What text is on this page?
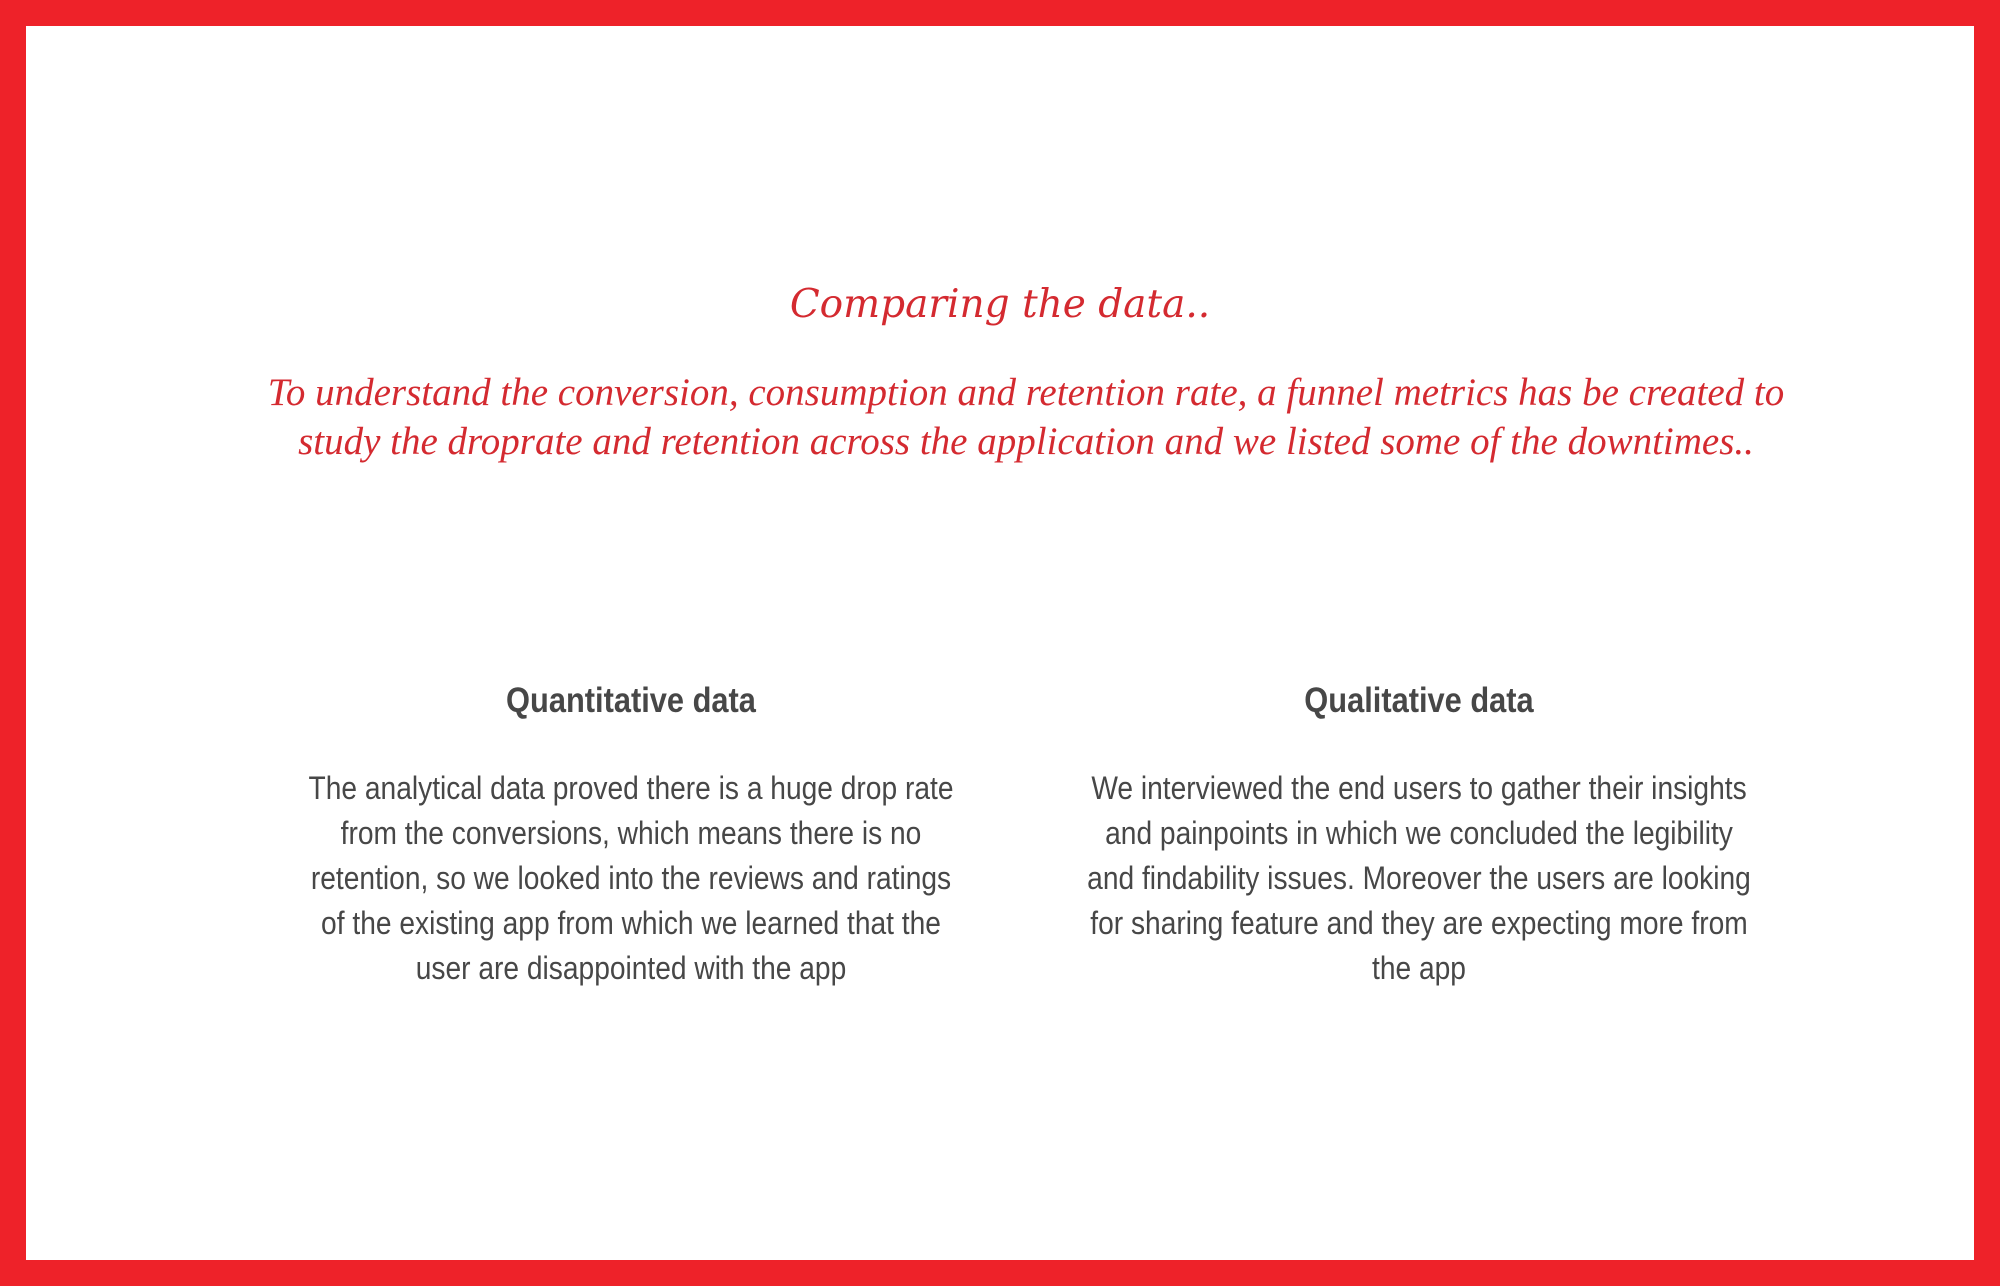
Comparing the data..

To understand the conversion, consumption and retention rate, a funnel metrics has be created to study the droprate and retention across the application and we listed some of the downtimes..

Quantitative data

The analytical data proved there is a huge drop rate from the conversions, which means there is no retention, so we looked into the reviews and ratings of the existing app from which we learned that the user are disappointed with the app

Qualitative data

We interviewed the end users to gather their insights and painpoints in which we concluded the legibility and findability issues. Moreover the users are looking for sharing feature and they are expecting more from the app
